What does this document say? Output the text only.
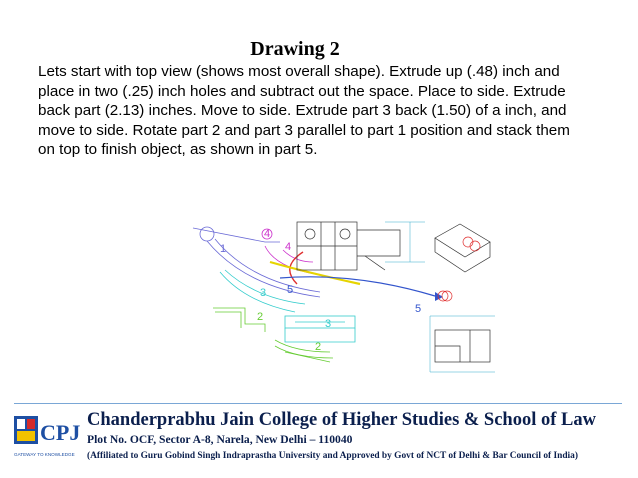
Drawing 2
Lets start with top view (shows most overall shape). Extrude up (.48) inch and
place in two (.25) inch holes and subtract out the space. Place to side. Extrude
back part (2.13) inches. Move to side. Extrude part 3 back (1.50) of a inch, and
move to side. Rotate part 2 and part 3 parallel to part 1 position and stack them
on top to finish object, as shown in part 5.
1
4
4
3 5
5
2
3
2
CPJ
GATEWAY TO KNOWLEDGE
Chanderprabhu Jain College of Higher Studies & School of Law
Plot No. OCF, Sector A-8, Narela, New Delhi – 110040
(Affiliated to Guru Gobind Singh Indraprastha University and Approved by Govt of NCT of Delhi & Bar Council of India)
